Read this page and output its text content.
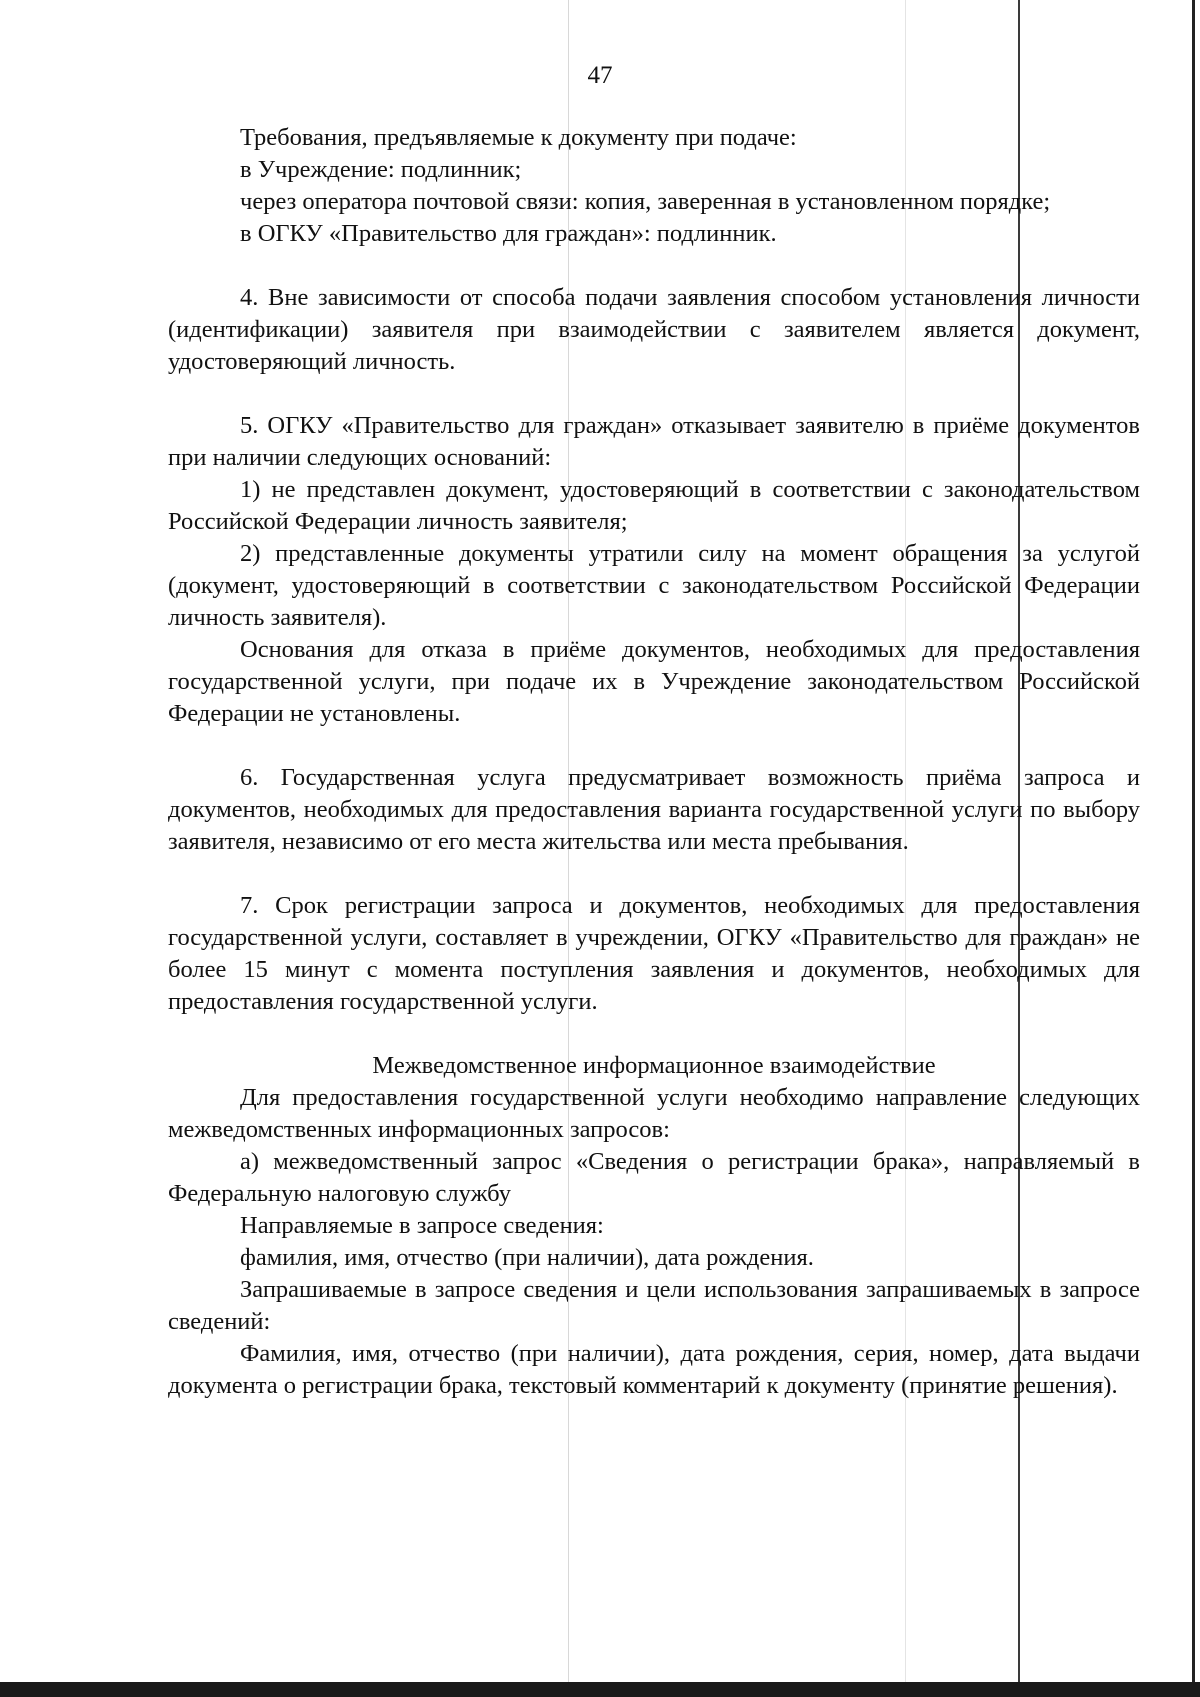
47

Требования, предъявляемые к документу при подаче:

в Учреждение: подлинник;

через оператора почтовой связи: копия, заверенная в установленном порядке;

в ОГКУ «Правительство для граждан»: подлинник.

4. Вне зависимости от способа подачи заявления способом установления личности (идентификации) заявителя при взаимодействии с заявителем является документ, удостоверяющий личность.

5. ОГКУ «Правительство для граждан» отказывает заявителю в приёме документов при наличии следующих оснований:

1) не представлен документ, удостоверяющий в соответствии с законодательством Российской Федерации личность заявителя;

2) представленные документы утратили силу на момент обращения за услугой (документ, удостоверяющий в соответствии с законодательством Российской Федерации личность заявителя).

Основания для отказа в приёме документов, необходимых для предоставления государственной услуги, при подаче их в Учреждение законодательством Российской Федерации не установлены.

6. Государственная услуга предусматривает возможность приёма запроса и документов, необходимых для предоставления варианта государственной услуги по выбору заявителя, независимо от его места жительства или места пребывания.

7. Срок регистрации запроса и документов, необходимых для предоставления государственной услуги, составляет в учреждении, ОГКУ «Правительство для граждан» не более 15 минут с момента поступления заявления и документов, необходимых для предоставления государственной услуги.

Межведомственное информационное взаимодействие

Для предоставления государственной услуги необходимо направление следующих межведомственных информационных запросов:

а) межведомственный запрос «Сведения о регистрации брака», направляемый в Федеральную налоговую службу

Направляемые в запросе сведения:

фамилия, имя, отчество (при наличии), дата рождения.

Запрашиваемые в запросе сведения и цели использования запрашиваемых в запросе сведений:

Фамилия, имя, отчество (при наличии), дата рождения, серия, номер, дата выдачи документа о регистрации брака, текстовый комментарий к документу (принятие решения).
